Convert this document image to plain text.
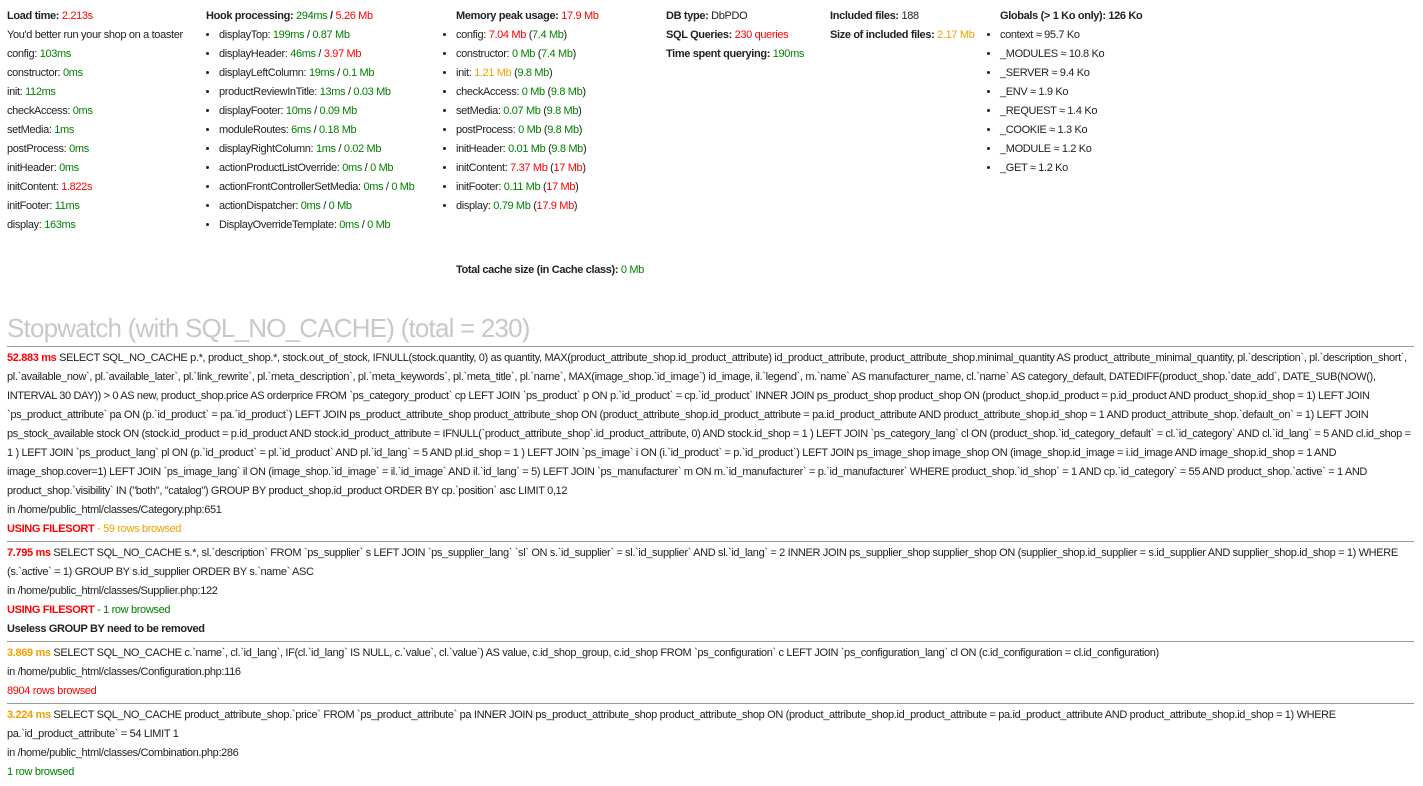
Load time: 2.213s
You'd better run your shop on a toaster
config: 103ms
constructor: 0ms
init: 112ms
checkAccess: 0ms
setMedia: 1ms
postProcess: 0ms
initHeader: 0ms
initContent: 1.822s
initFooter: 11ms
display: 163ms
Hook processing: 294ms / 5.26 Mb
• displayTop: 199ms / 0.87 Mb
• displayHeader: 46ms / 3.97 Mb
• displayLeftColumn: 19ms / 0.1 Mb
• productReviewInTitle: 13ms / 0.03 Mb
• displayFooter: 10ms / 0.09 Mb
• moduleRoutes: 6ms / 0.18 Mb
• displayRightColumn: 1ms / 0.02 Mb
• actionProductListOverride: 0ms / 0 Mb
• actionFrontControllerSetMedia: 0ms / 0 Mb
• actionDispatcher: 0ms / 0 Mb
• DisplayOverrideTemplate: 0ms / 0 Mb
Memory peak usage: 17.9 Mb
• config: 7.04 Mb (7.4 Mb)
• constructor: 0 Mb (7.4 Mb)
• init: 1.21 Mb (9.8 Mb)
• checkAccess: 0 Mb (9.8 Mb)
• setMedia: 0.07 Mb (9.8 Mb)
• postProcess: 0 Mb (9.8 Mb)
• initHeader: 0.01 Mb (9.8 Mb)
• initContent: 7.37 Mb (17 Mb)
• initFooter: 0.11 Mb (17 Mb)
• display: 0.79 Mb (17.9 Mb)
DB type: DbPDO
SQL Queries: 230 queries
Time spent querying: 190ms
Included files: 188
Size of included files: 2.17 Mb
Globals (> 1 Ko only): 126 Ko
• context ≈ 95.7 Ko
• _MODULES ≈ 10.8 Ko
• _SERVER ≈ 9.4 Ko
• _ENV ≈ 1.9 Ko
• _REQUEST ≈ 1.4 Ko
• _COOKIE ≈ 1.3 Ko
• _MODULE ≈ 1.2 Ko
• _GET ≈ 1.2 Ko
Total cache size (in Cache class): 0 Mb
Stopwatch (with SQL_NO_CACHE) (total = 230)
52.883 ms SELECT SQL_NO_CACHE p.*, product_shop.*, stock.out_of_stock, IFNULL(stock.quantity, 0) as quantity, MAX(product_attribute_shop.id_product_attribute) id_product_attribute, product_attribute_shop.minimal_quantity AS product_attribute_minimal_quantity, pl.`description`, pl.`description_short`, pl.`available_now`, pl.`available_later`, pl.`link_rewrite`, pl.`meta_description`, pl.`meta_keywords`, pl.`meta_title`, pl.`name`, MAX(image_shop.`id_image`) id_image, il.`legend`, m.`name` AS manufacturer_name, cl.`name` AS category_default, DATEDIFF(product_shop.`date_add`, DATE_SUB(NOW(), INTERVAL 30 DAY)) > 0 AS new, product_shop.price AS orderprice FROM `ps_category_product` cp LEFT JOIN `ps_product` p ON p.`id_product` = cp.`id_product` INNER JOIN ps_product_shop product_shop ON (product_shop.id_product = p.id_product AND product_shop.id_shop = 1) LEFT JOIN `ps_product_attribute` pa ON (p.`id_product` = pa.`id_product`) LEFT JOIN ps_product_attribute_shop product_attribute_shop ON (product_attribute_shop.id_product_attribute = pa.id_product_attribute AND product_attribute_shop.id_shop = 1 AND product_attribute_shop.`default_on` = 1) LEFT JOIN ps_stock_available stock ON (stock.id_product = p.id_product AND stock.id_product_attribute = IFNULL(`product_attribute_shop`.id_product_attribute, 0) AND stock.id_shop = 1 ) LEFT JOIN `ps_category_lang` cl ON (product_shop.`id_category_default` = cl.`id_category` AND cl.`id_lang` = 5 AND cl.id_shop = 1 ) LEFT JOIN `ps_product_lang` pl ON (p.`id_product` = pl.`id_product` AND pl.`id_lang` = 5 AND pl.id_shop = 1 ) LEFT JOIN `ps_image` i ON (i.`id_product` = p.`id_product`) LEFT JOIN ps_image_shop image_shop ON (image_shop.id_image = i.id_image AND image_shop.id_shop = 1 AND image_shop.cover=1) LEFT JOIN `ps_image_lang` il ON (image_shop.`id_image` = il.`id_image` AND il.`id_lang` = 5) LEFT JOIN `ps_manufacturer` m ON m.`id_manufacturer` = p.`id_manufacturer` WHERE product_shop.`id_shop` = 1 AND cp.`id_category` = 55 AND product_shop.`active` = 1 AND product_shop.`visibility` IN ("both", "catalog") GROUP BY product_shop.id_product ORDER BY cp.`position` asc LIMIT 0,12
in /home/public_html/classes/Category.php:651
USING FILESORT - 59 rows browsed
7.795 ms SELECT SQL_NO_CACHE s.*, sl.`description` FROM `ps_supplier` s LEFT JOIN `ps_supplier_lang` `sl` ON s.`id_supplier` = sl.`id_supplier` AND sl.`id_lang` = 2 INNER JOIN ps_supplier_shop supplier_shop ON (supplier_shop.id_supplier = s.id_supplier AND supplier_shop.id_shop = 1) WHERE (s.`active` = 1) GROUP BY s.id_supplier ORDER BY s.`name` ASC
in /home/public_html/classes/Supplier.php:122
USING FILESORT - 1 row browsed
Useless GROUP BY need to be removed
3.869 ms SELECT SQL_NO_CACHE c.`name`, cl.`id_lang`, IF(cl.`id_lang` IS NULL, c.`value`, cl.`value`) AS value, c.id_shop_group, c.id_shop FROM `ps_configuration` c LEFT JOIN `ps_configuration_lang` cl ON (c.id_configuration = cl.id_configuration)
in /home/public_html/classes/Configuration.php:116
8904 rows browsed
3.224 ms SELECT SQL_NO_CACHE product_attribute_shop.`price` FROM `ps_product_attribute` pa INNER JOIN ps_product_attribute_shop product_attribute_shop ON (product_attribute_shop.id_product_attribute = pa.id_product_attribute AND product_attribute_shop.id_shop = 1) WHERE pa.`id_product_attribute` = 54 LIMIT 1
in /home/public_html/classes/Combination.php:286
1 row browsed
